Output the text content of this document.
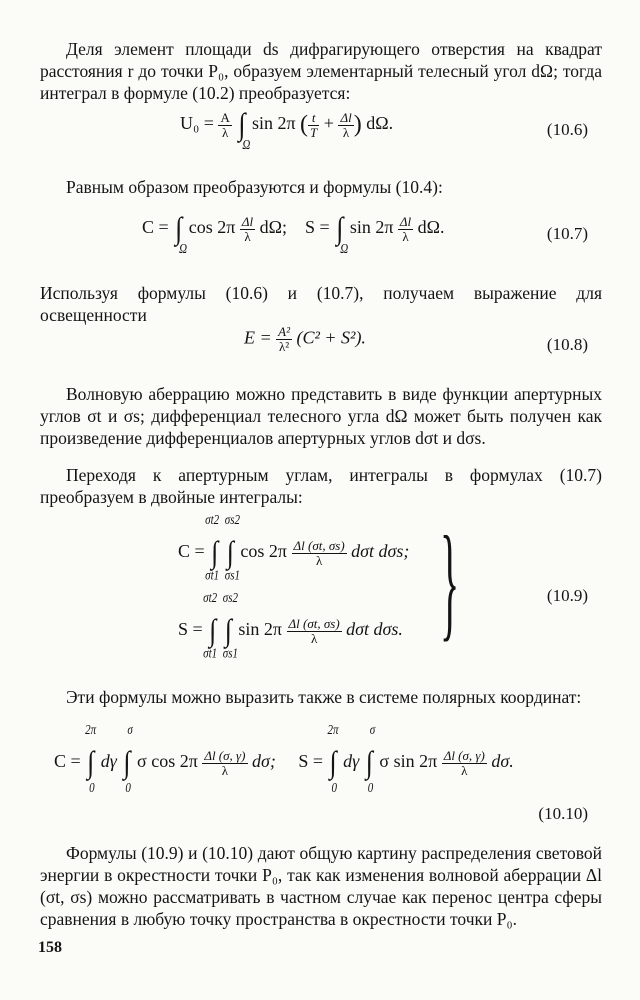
Деля элемент площади ds дифрагирующего отверстия на квадрат расстояния r до точки P₀, образуем элементарный телесный угол dΩ; тогда интеграл в формуле (10.2) преобразуется:
$U_0 = \frac{A}{\lambda}$ ∫
Ω
sin 2π ( $\frac{t}{T} + \frac{\Delta l}{\lambda}$ ) dΩ.	(10.6)
Равным образом преобразуются и формулы (10.4):
C = ∫
Ω
$\cos 2\pi \frac{\Delta l}{\lambda} d\Omega$; S = ∫
Ω
$\sin 2\pi \frac{\Delta l}{\lambda} d\Omega$.	(10.7)
Используя формулы (10.6) и (10.7), получаем выражение для освещенности
$E = \frac{\text{A²}}{\text{λ²}} (C^2 + S^2)$.	(10.8)
Волновую аберрацию можно представить в виде функции апертурных углов σt и σs; дифференциал телесного угла dΩ может быть получен как произведение дифференциалов апертурных углов dσt и dσs.
Переходя к апертурным углам, интегралы в формулах (10.7) преобразуем в двойные интегралы:
C = ∫
σt2
σt1
∫
σs2
σs1
$\cos 2\pi \frac{\Delta l (\sigma t, \sigma s)}{\lambda}$ dσt dσs;
S = ∫
σt2
σt1
∫
σs2
σs1
$\sin 2\pi \frac{\Delta l (\sigma t, \sigma s)}{\lambda}$ dσt dσs. }	(10.9)
Эти формулы можно выразить также в системе полярных координат:
C = ∫
2π
0
dγ ∫
σ
0
σ $\cos 2\pi \frac{\Delta l (\sigma, \gamma)}{\lambda} d\sigma$; S = ∫
2π
0
dγ ∫
σ
0
σ $\sin 2\pi \frac{\Delta l (\sigma, \gamma)}{\lambda} d\sigma$.
(10.10)
Формулы (10.9) и (10.10) дают общую картину распределения световой энергии в окрестности точки P₀, так как изменения волновой аберрации Δl (σt, σs) можно рассматривать в частном случае как перенос центра сферы сравнения в любую точку пространства в окрестности точки P₀.
158
